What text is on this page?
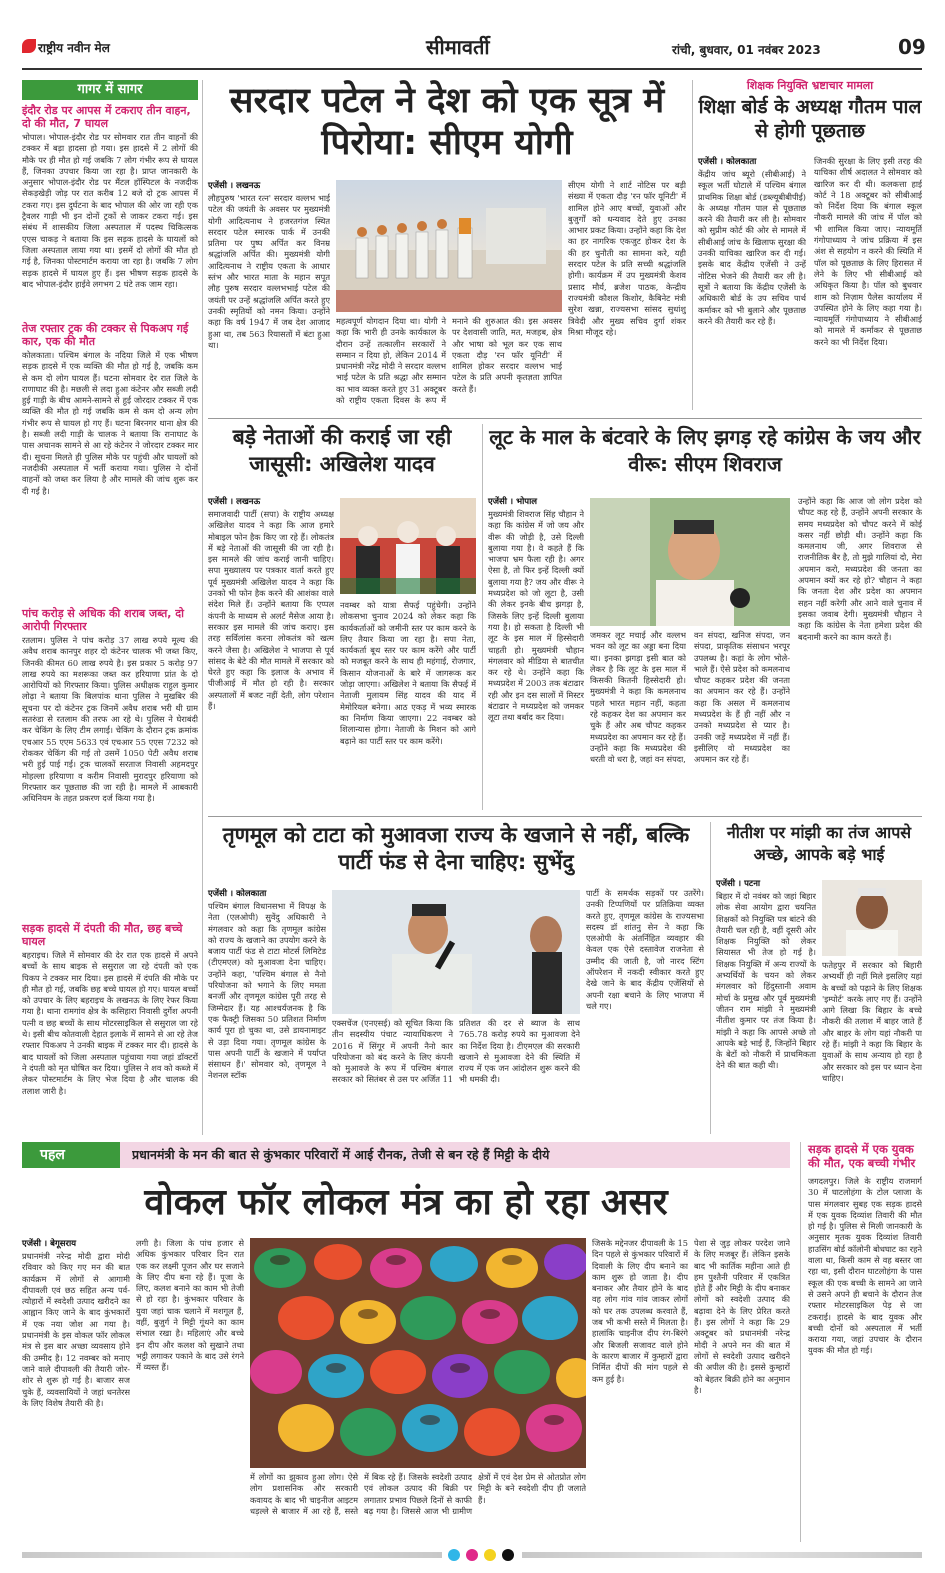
राष्ट्रीय नवीन मेल	सीमावर्ती	रांची, बुधवार, 01 नवंबर 2023	09
गागर में सागर
इंदौर रोड पर आपस में टकराए तीन वाहन, दो की मौत, 7 घायल
भोपाल। भोपाल-इंदौर रोड पर सोमवार रात तीन वाहनों की टक्कर में बड़ा हादसा हो गया। इस हादसे में 2 लोगों की मौके पर ही मौत हो गई जबकि 7 लोग गंभीर रूप से घायल हैं, जिनका उपचार किया जा रहा है। प्राप्त जानकारी के अनुसार भोपाल-इंदौर रोड पर मैंटल हॉस्पिटल के नजदीक सेकड़खेड़ी जोड़ पर रात करीब 12 बजे दो ट्रक आपस में टकरा गए। इस दुर्घटना के बाद भोपाल की ओर जा रही एक ट्रैवलर गाड़ी भी इन दोनों ट्रकों से जाकर टकरा गई। इस संबंध में शासकीय जिला अस्पताल में पदस्थ चिकित्सक एएस चाकड़ ने बताया कि इस सड़क हादसे के घायलों को जिला अस्पताल लाया गया था। इसमें दो लोगों की मौत हो गई है, जिनका पोस्टमार्टम कराया जा रहा है। जबकि 7 लोग सड़क हादसे में घायल हुए हैं। इस भीषण सड़क हादसे के बाद भोपाल-इंदौर हाईवे लगभग 2 घंटे तक जाम रहा।
तेज रफ्तार ट्रक की टक्कर से पिकअप गई कार, एक की मौत
कोलकाता। पश्चिम बंगाल के नदिया जिले में एक भीषण सड़क हादसे में एक व्यक्ति की मौत हो गई है, जबकि कम से कम दो लोग घायल हैं। घटना सोमवार देर रात जिले के राणाघाट की है। मछली से लदा हुआ कंटेनर और सब्जी लदी हुई गाड़ी के बीच आमने-सामने से हुई जोरदार टक्कर में एक व्यक्ति की मौत हो गई जबकि कम से कम दो अन्य लोग गंभीर रूप से घायल हो गए हैं। घटना बिरनगर थाना क्षेत्र की है। सब्जी लदी गाड़ी के चालक ने बताया कि रानाघाट के पास अचानक सामने से आ रहे कंटेनर ने जोरदार टक्कर मार दी। सूचना मिलते ही पुलिस मौके पर पहुंची और घायलों को नजदीकी अस्पताल में भर्ती कराया गया। पुलिस ने दोनों वाहनों को जब्त कर लिया है और मामले की जांच शुरू कर दी गई है।
पांच करोड़ से अधिक की शराब जब्त, दो आरोपी गिरफ्तार
रतलाम। पुलिस ने पांच करोड़ 37 लाख रुपये मूल्य की अवैध शराब कानपुर शहर दो कंटेनर चालक भी जब्त किए, जिनकी कीमत 60 लाख रुपये है। इस प्रकार 5 करोड़ 97 लाख रुपये का मशरूका जब्त कर हरियाणा प्रांत के दो आरोपियों को गिरफ्तार किया। पुलिस अधीक्षक राहुल कुमार लोढ़ा ने बताया कि बिलपांक थाना पुलिस ने मुखबिर की सूचना पर दो कंटेनर ट्रक जिनमें अवैध शराब भरी थी ग्राम सतरुंडा से रतलाम की तरफ आ रहे थे। पुलिस ने घेराबंदी कर चेकिंग के लिए टीम लगाई। चेकिंग के दौरान ट्रक क्रमांक एचआर 55 एएम 5633 एवं एचआर 55 एएस 7232 को रोककर चेकिंग की गई तो उसमें 1050 पेटी अवैध शराब भरी हुई पाई गई। ट्रक चालकों सरताज निवासी अहमदपुर मोहल्ला हरियाणा व करीम निवासी मुरादपुर हरियाणा को गिरफ्तार कर पूछताछ की जा रही है। मामले में आबकारी अधिनियम के तहत प्रकरण दर्ज किया गया है।
सड़क हादसे में दंपती की मौत, छह बच्चे घायल
बहराइच। जिले में सोमवार की देर रात एक हादसे में अपने बच्चों के साथ बाइक से ससुराल जा रहे दंपती को एक पिकप ने टक्कर मार दिया। इस हादसे में दंपति की मौके पर ही मौत हो गई, जबकि छह बच्चे घायल हो गए। घायल बच्चों को उपचार के लिए बहराइच के लखनऊ के लिए रेफर किया गया है। थाना रामगांव क्षेत्र के कसिहारा निवासी दुर्गेश अपनी पत्नी व छह बच्चों के साथ मोटरसाइकिल से ससुराल जा रहे थे। इसी बीच कोतवाली देहात इलाके में सामने से आ रहे तेज रफ्तार पिकअप ने उनकी बाइक में टक्कर मार दी। हादसे के बाद घायलों को जिला अस्पताल पहुंचाया गया जहां डॉक्टरों ने दंपती को मृत घोषित कर दिया। पुलिस ने शव को कब्जे में लेकर पोस्टमार्टम के लिए भेज दिया है और चालक की तलाश जारी है।
सरदार पटेल ने देश को एक सूत्र में पिरोया: सीएम योगी
एजेंसी । लखनऊ
लौहपुरुष 'भारत रत्न' सरदार वल्लभ भाई पटेल की जयंती के अवसर पर मुख्यमंत्री योगी आदित्यनाथ ने हजरतगंज स्थित सरदार पटेल स्मारक पार्क में उनकी प्रतिमा पर पुष्प अर्पित कर विनम्र श्रद्धांजलि अर्पित की। मुख्यमंत्री योगी आदित्यनाथ ने राष्ट्रीय एकता के आधार स्तंभ और भारत माता के महान सपूत लौह पुरुष सरदार वल्लभभाई पटेल की जयंती पर उन्हें श्रद्धांजलि अर्पित करते हुए उनकी स्मृतियों को नमन किया। उन्होंने कहा कि वर्ष 1947 में जब देश आजाद हुआ था, तब 563 रियासतों में बंटा हुआ था।
महत्वपूर्ण योगदान दिया था। योगी ने कहा कि भारी ही उनके कार्यकाल के दौरान उन्हें तत्कालीन सरकारों ने सम्मान न दिया हो, लेकिन 2014 में प्रधानमंत्री नरेंद्र मोदी ने सरदार वल्लभ भाई पटेल के प्रति श्रद्धा और सम्मान का भाव व्यक्त करते हुए 31 अक्टूबर को राष्ट्रीय एकता दिवस के रूप में मनाने की शुरुआत की। इस अवसर पर देशवासी जाति, मत, मजहब, क्षेत्र और भाषा को भूल कर एक साथ एकता दौड़ 'रन फॉर यूनिटी' में शामिल होकर सरदार वल्लभ भाई पटेल के प्रति अपनी कृतज्ञता ज्ञापित करते हैं।
सीएम योगी ने शार्ट नोटिस पर बड़ी संख्या में एकता दौड़ 'रन फॉर यूनिटी' में शामिल होने आए बच्चों, युवाओं और बुजुर्गों को धन्यवाद देते हुए उनका आभार प्रकट किया। उन्होंने कहा कि देश का हर नागरिक एकजुट होकर देश के की हर चुनौती का सामना करे, यही सरदार पटेल के प्रति सच्ची श्रद्धांजलि होगी। कार्यक्रम में उप मुख्यमंत्री केशव प्रसाद मौर्य, ब्रजेश पाठक, केन्द्रीय राज्यमंत्री कौशल किशोर, कैबिनेट मंत्री सुरेश खन्ना, राज्यसभा सांसद सुधांशु त्रिवेदी और मुख्य सचिव दुर्गा शंकर मिश्रा मौजूद रहे।
शिक्षक नियुक्ति भ्रष्टाचार मामला
शिक्षा बोर्ड के अध्यक्ष गौतम पाल से होगी पूछताछ
एजेंसी । कोलकाता
केंद्रीय जांच ब्यूरो (सीबीआई) ने स्कूल भर्ती घोटाले में पश्चिम बंगाल प्राथमिक शिक्षा बोर्ड (डब्ल्यूबीबीपीई) के अध्यक्ष गौतम पाल से पूछताछ करने की तैयारी कर ली है। सोमवार को सुप्रीम कोर्ट की ओर से मामले में सीबीआई जांच के खिलाफ सुरक्षा की उनकी याचिका खारिज कर दी गई। इसके बाद केंद्रीय एजेंसी ने उन्हें नोटिस भेजने की तैयारी कर ली है। सूत्रों ने बताया कि केंद्रीय एजेंसी के अधिकारी बोर्ड के उप सचिव पार्थ कर्माकर को भी बुलाने और पूछताछ करने की तैयारी कर रहे हैं।
जिनकी सुरक्षा के लिए इसी तरह की याचिका शीर्ष अदालत ने सोमवार को खारिज कर दी थी। कलकत्ता हाई कोर्ट ने 18 अक्टूबर को सीबीआई को निर्देश दिया कि बंगाल स्कूल नौकरी मामले की जांच में पॉल को भी शामिल किया जाए। न्यायमूर्ति गंगोपाध्याय ने जांच प्रक्रिया में इस अंश से सहयोग न करने की स्थिति में पॉल को पूछताछ के लिए हिरासत में लेने के लिए भी सीबीआई को अधिकृत किया है। पॉल को बुधवार शाम को निज़ाम पैलेस कार्यालय में उपस्थित होने के लिए कहा गया है। न्यायमूर्ति गंगोपाध्याय ने सीबीआई को मामले में कर्माकर से पूछताछ करने का भी निर्देश दिया।
बड़े नेताओं की कराई जा रही जासूसी: अखिलेश यादव
एजेंसी । लखनऊ
समाजवादी पार्टी (सपा) के राष्ट्रीय अध्यक्ष अखिलेश यादव ने कहा कि आज हमारे मोबाइल फोन हैक किए जा रहे हैं। लोकतंत्र में बड़े नेताओं की जासूसी की जा रही है। इस मामले की जांच कराई जानी चाहिए। सपा मुख्यालय पर पत्रकार वार्ता करते हुए पूर्व मुख्यमंत्री अखिलेश यादव ने कहा कि उनको भी फोन हैक करने की आशंका वाले संदेश मिले हैं। उन्होंने बताया कि एप्पल कंपनी के माध्यम से अलर्ट मैसेज आया है। सरकार इस मामले की जांच कराए। इस तरह सर्विलांस करना लोकतंत्र को खत्म करने जैसा है। अखिलेश ने भाजपा से पूर्व सांसद के बेटे की मौत मामले में सरकार को घेरते हुए कहा कि इलाज के अभाव में पीजीआई में मौत हो रही है। सरकार अस्पतालों में बजट नहीं देती, लोग परेशान हैं।
नवम्बर को यात्रा सैफई पहुंचेगी। उन्होंने लोकसभा चुनाव 2024 को लेकर कहा कि कार्यकर्ताओं को जमीनी स्तर पर काम करने के लिए तैयार किया जा रहा है। सपा नेता, कार्यकर्ता बूथ स्तर पर काम करेंगे और पार्टी को मजबूत करने के साथ ही महंगाई, रोजगार, किसान योजनाओं के बारे में जागरूक कर जोड़ा जाएगा। अखिलेश ने बताया कि सैफई में नेताजी मुलायम सिंह यादव की याद में मेमोरियल बनेगा। आठ एकड़ में भव्य स्मारक का निर्माण किया जाएगा। 22 नवम्बर को शिलान्यास होगा। नेताजी के मिशन को आगे बढ़ाने का पार्टी स्तर पर काम करेंगे।
लूट के माल के बंटवारे के लिए झगड़ रहे कांग्रेस के जय और वीरू: सीएम शिवराज
एजेंसी । भोपाल
मुख्यमंत्री शिवराज सिंह चौहान ने कहा कि कांग्रेस में जो जय और वीरू की जोड़ी है, उसे दिल्ली बुलाया गया है। वे कहते हैं कि भाजपा भ्रम फैला रही है। अगर ऐसा है, तो फिर इन्हें दिल्ली क्यों बुलाया गया है? जय और वीरू ने मध्यप्रदेश को जो लूटा है, उसी की लेकर इनके बीच झगड़ा है, जिसके लिए इन्हें दिल्ली बुलाया गया है। हो सकता है दिल्ली भी लूट के इस माल में हिस्सेदारी चाहती हो। मुख्यमंत्री चौहान मंगलवार को मीडिया से बातचीत कर रहे थे। उन्होंने कहा कि मध्यप्रदेश में 2003 तक बंटाढार रही और इन दस सालों में मिस्टर बंटाढार ने मध्यप्रदेश को जमकर लूटा तथा बर्बाद कर दिया।
जमकर लूट मचाई और वल्लभ भवन को लूट का अड्डा बना दिया था। इनका झगड़ा इसी बात को लेकर है कि लूट के इस माल में किसकी कितनी हिस्सेदारी हो। मुख्यमंत्री ने कहा कि कमलनाथ पहले भारत महान नहीं, कहता रहे कहकर देश का अपमान कर चुके हैं और अब चौपट कहकर मध्यप्रदेश का अपमान कर रहे हैं। उन्होंने कहा कि मध्यप्रदेश की धरती वो धरा है, जहां वन संपदा,
वन संपदा, खनिज संपदा, जन संपदा, प्राकृतिक संसाधन भरपूर उपलब्ध है। कहां के लोग भोले-भाले हैं। ऐसे प्रदेश को कमलनाथ चौपट कहकर प्रदेश की जनता का अपमान कर रहे हैं। उन्होंने कहा कि असल में कमलनाथ मध्यप्रदेश के हैं ही नहीं और न उनको मध्यप्रदेश से प्यार है। उनकी जड़ें मध्यप्रदेश में नहीं हैं। इसीलिए वो मध्यप्रदेश का अपमान कर रहे हैं।
उन्होंने कहा कि आज जो लोग प्रदेश को चौपट कह रहे हैं, उन्होंने अपनी सरकार के समय मध्यप्रदेश को चौपट करने में कोई कसर नहीं छोड़ी थी। उन्होंने कहा कि कमलनाथ जी, अगर शिवराज से राजनीतिक बैर है, तो मुझे गालियां दो, मेरा अपमान करो, मध्यप्रदेश की जनता का अपमान क्यों कर रहे हो? चौहान ने कहा कि जनता देश और प्रदेश का अपमान सहन नहीं करेगी और आने वाले चुनाव में इसका जवाब देगी। मुख्यमंत्री चौहान ने कहा कि कांग्रेस के नेता हमेशा प्रदेश की बदनामी करने का काम करते हैं।
तृणमूल को टाटा को मुआवजा राज्य के खजाने से नहीं, बल्कि पार्टी फंड से देना चाहिए: सुभेंदु
एजेंसी । कोलकाता
पश्चिम बंगाल विधानसभा में विपक्ष के नेता (एलओपी) सुवेंदु अधिकारी ने मंगलवार को कहा कि तृणमूल कांग्रेस को राज्य के खजाने का उपयोग करने के बजाय पार्टी फंड से टाटा मोटर्स लिमिटेड (टीएमएल) को मुआवजा देना चाहिए। उन्होंने कहा, 'पश्चिम बंगाल से नैनो परियोजना को भगाने के लिए ममता बनर्जी और तृणमूल कांग्रेस पूरी तरह से जिम्मेदार हैं। यह आश्चर्यजनक है कि एक फैक्ट्री जिसका 50 प्रतिशत निर्माण कार्य पूरा हो चुका था, उसे डायनामाइट से उड़ा दिया गया। तृणमूल कांग्रेस के पास अपनी पार्टी के खजाने में पर्याप्त संसाधन हैं।' सोमवार को, तृणमूल ने नेशनल स्टॉक
एक्सचेंज (एनएसई) को सूचित किया कि तीन सदस्यीय पंचाट न्यायाधिकरण ने 2016 में सिंगूर में अपनी नैनो कार परियोजना को बंद करने के लिए कंपनी को मुआवजे के रूप में पश्चिम बंगाल सरकार को सितंबर से उस पर अर्जित 11 प्रतिशत की दर से ब्याज के साथ 765.78 करोड़ रुपये का मुआवजा देने का निर्देश दिया है। टीएमएल की सरकारी खजाने से मुआवजा देने की स्थिति में राज्य में एक जन आंदोलन शुरू करने की भी धमकी दी।
पार्टी के समर्थक सड़कों पर उतरेंगे। उनकी टिप्पणियों पर प्रतिक्रिया व्यक्त करते हुए, तृणमूल कांग्रेस के राज्यसभा सदस्य डॉ शांतनु सेन ने कहा कि एलओपी के अंतर्निहित व्यवहार की केवल एक ऐसे दस्तावेज राजनेता से उम्मीद की जाती है, जो नारद स्टिंग ऑपरेशन में नकदी स्वीकार करते हुए देखे जाने के बाद केंद्रीय एजेंसियों से अपनी रक्षा बचाने के लिए भाजपा में चले गए।
नीतीश पर मांझी का तंज आपसे अच्छे, आपके बड़े भाई
एजेंसी । पटना
बिहार में दो नवंबर को जहां बिहार लोक सेवा आयोग द्वारा चयनित शिक्षकों को नियुक्ति पत्र बांटने की तैयारी चल रही है, वहीं दूसरी ओर शिक्षक नियुक्ति को लेकर सियासत भी तेज हो गई है। शिक्षक नियुक्ति में अन्य राज्यों के अभ्यर्थियों के चयन को लेकर मंगलवार को हिंदुस्तानी अवाम मोर्चा के प्रमुख और पूर्व मुख्यमंत्री जीतन राम मांझी ने मुख्यमंत्री नीतीश कुमार पर तंज किया है। मांझी ने कहा कि आपसे अच्छे तो आपके बड़े भाई हैं, जिन्होंने बिहार के बेटों को नौकरी में प्राथमिकता देने की बात कही थी।
फतेहपुर में सरकार को बिहारी अभ्यर्थी ही नहीं मिले इसलिए यहां के बच्चों को पढ़ाने के लिए शिक्षक 'इम्पोर्ट' करके लाए गए हैं। उन्होंने आगे लिखा कि बिहार के बच्चे नौकरी की तलाश में बाहर जाते हैं और बाहर के लोग यहां नौकरी पा रहे हैं। मांझी ने कहा कि बिहार के युवाओं के साथ अन्याय हो रहा है और सरकार को इस पर ध्यान देना चाहिए।
पहल	प्रधानमंत्री के मन की बात से कुंभकार परिवारों में आई रौनक, तेजी से बन रहे हैं मिट्टी के दीये
वोकल फॉर लोकल मंत्र का हो रहा असर
एजेंसी । बेगूसराय
प्रधानमंत्री नरेन्द्र मोदी द्वारा मोदी रविवार को किए गए मन की बात कार्यक्रम में लोगों से आगामी दीपावली एवं छठ सहित अन्य पर्व-त्योहारों में स्वदेशी उत्पाद खरीदने का आह्वान किए जाने के बाद कुंभकारों में एक नया जोश आ गया है। प्रधानमंत्री के इस वोकल फॉर लोकल मंत्र से इस बार अच्छा व्यवसाय होने की उम्मीद है। 12 नवम्बर को मनाए जाने वाले दीपावली की तैयारी जोर-शोर से शुरू हो गई है। बाजार सज चुके हैं, व्यवसायियों ने जहां धनतेरस के लिए विशेष तैयारी की है।
लगी है। जिला के पांच हजार से अधिक कुंभकार परिवार दिन रात एक कर लक्ष्मी पूजन और घर सजाने के लिए दीप बना रहे हैं। पूजा के लिए, कलश बनाने का काम भी तेजी से हो रहा है। कुंभकार परिवार के युवा जहां चाक चलाने में मशगूल हैं, वहीं, बुजुर्ग ने मिट्टी गूंथने का काम संभाल रखा है। महिलाएं और बच्चे इन दीप और कलश को सुखाने तथा भट्ठी लगाकर पकाने के बाद उसे रंगने में व्यस्त हैं।
में लोगों का झुकाव हुआ लोग। ऐसे लोग प्रशासनिक और सरकारी कवायद के बाद भी चाइनीज आइटम धड़ल्ले से बाजार में आ रहे हैं, सस्ते में बिक रहे हैं। जिसके स्वदेशी उत्पाद एवं लोकल उत्पाद की बिक्री पर लगातार प्रभाव पिछले दिनों से काफी बढ़ गया है। जिससे आज भी ग्रामीण क्षेत्रों में एवं देश प्रेम से ओतप्रोत लोग मिट्टी के बने स्वदेशी दीप ही जलाते हैं।
जिसके मद्देनजर दीपावली के 15 दिन पहले से कुंभकार परिवारों में दिवाली के लिए दीप बनाने का काम शुरू हो जाता है। दीप बनाकर और तैयार होने के बाद वह लोग गांव गांव जाकर लोगों को घर तक उपलब्ध करवाते हैं, जब भी कभी सस्ते में मिलता है। हालांकि चाइनीज दीप रंग-बिरंगे और बिजली सजावट वाले होने के कारण बाजार में कुम्हारों द्वारा निर्मित दीपों की मांग पहले से कम हुई है।
पेशा से जुड़ लोकर परदेश जाने के लिए मजबूर हैं। लेकिन इसके बाद भी कार्तिक महीना आते ही हम पुश्तैनी परिवार में एकत्रित होते हैं और मिट्टी के दीप बनाकर लोगों को स्वदेशी उत्पाद की बढ़ावा देने के लिए प्रेरित करते हैं। इस लोगों ने कहा कि 29 अक्टूबर को प्रधानमंत्री नरेन्द्र मोदी ने अपने मन की बात में लोगों से स्वदेशी उत्पाद खरीदने की अपील की है। इससे कुम्हारों को बेहतर बिक्री होने का अनुमान है।
सड़क हादसे में एक युवक की मौत, एक बच्ची गंभीर
जगदलपुर। जिले के राष्ट्रीय राजमार्ग 30 में घाटलोहंगा के टोल प्लाजा के पास मंगलवार सुबह एक सड़क हादसे में एक युवक दिव्यांश तिवारी की मौत हो गई है। पुलिस से मिली जानकारी के अनुसार मृतक युवक दिव्यांश तिवारी हाउसिंग बोर्ड कॉलोनी बोधघाट का रहने वाला था, किसी काम से वह बस्तर जा रहा था, इसी दौरान घाटलोहंगा के पास स्कूल की एक बच्ची के सामने आ जाने से उसने अपने ही बचाने के दौरान तेज रफ्तार मोटरसाइकिल पेड़ से जा टकराई। हादसे के बाद युवक और बच्ची दोनों को अस्पताल में भर्ती कराया गया, जहां उपचार के दौरान युवक की मौत हो गई।
